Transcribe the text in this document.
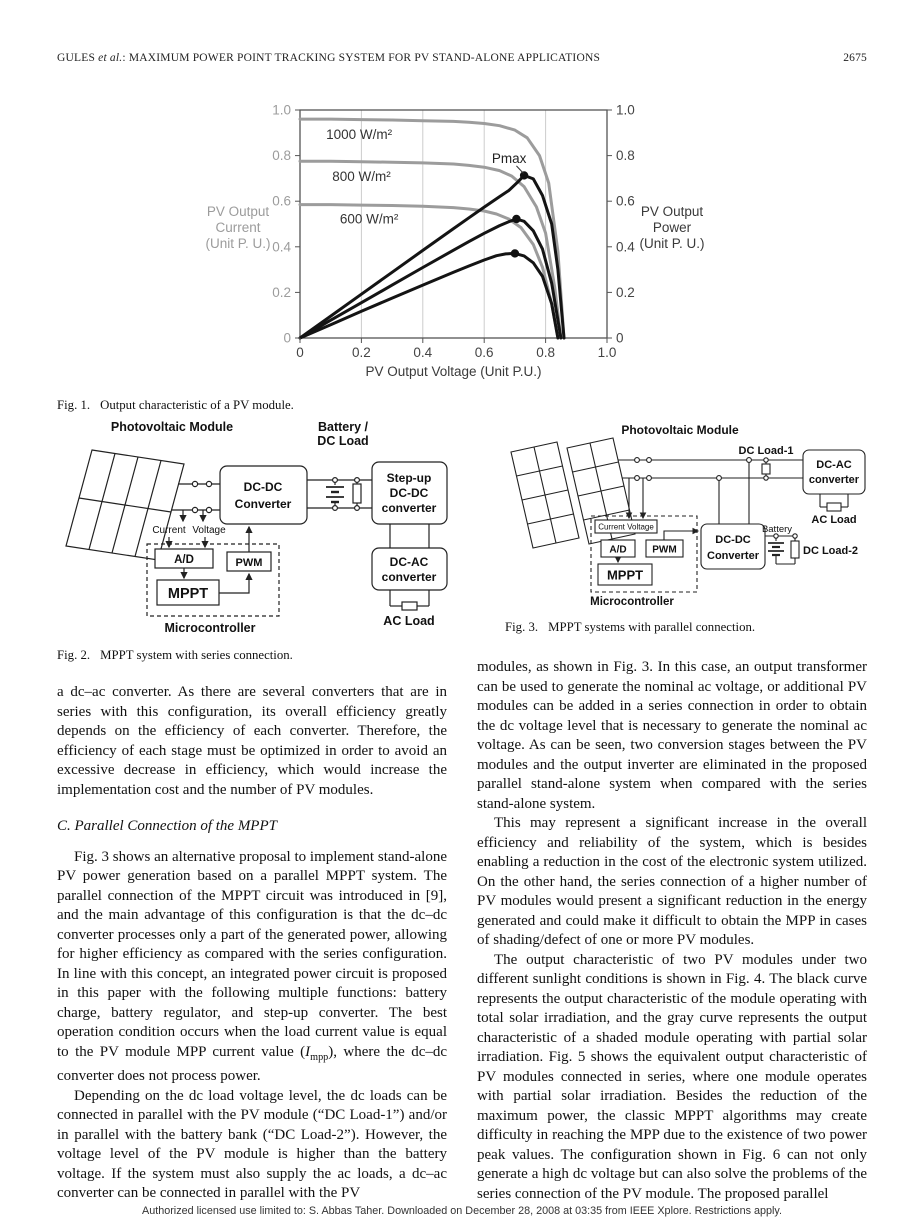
GULES et al.: MAXIMUM POWER POINT TRACKING SYSTEM FOR PV STAND-ALONE APPLICATIONS	2675
Pmax
1000 W/m²
800 W/m²
600 W/m²
0	0.2	0.4	0.6	0.8	1.0
0	0
0.2	0.2
0.4	0.4
0.6	0.6
0.8	0.8
1.0	1.0
PV Output
Current
(Unit P. U.)
PV Output
Power
(Unit P. U.)
PV Output Voltage (Unit P.U.)
Fig. 1. Output characteristic of a PV module.
Photovoltaic Module	Battery /
DC Load
DC-DC
Converter
Step-up
DC-DC
converter
DC-AC
converter
AC Load
Current Voltage
A/D	PWM
MPPT
Microcontroller
Fig. 2. MPPT system with series connection.
Photovoltaic Module
DC Load-1
DC-AC
converter
AC Load
Battery
DC Load-2
DC-DC
Converter
Current Voltage
A/D	PWM
MPPT
Microcontroller
Fig. 3. MPPT systems with parallel connection.

a dc–ac converter. As there are several converters that are in series with this configuration, its overall efficiency greatly depends on the efficiency of each converter. Therefore, the efficiency of each stage must be optimized in order to avoid an excessive decrease in efficiency, which would increase the implementation cost and the number of PV modules.

C. Parallel Connection of the MPPT

Fig. 3 shows an alternative proposal to implement stand-alone PV power generation based on a parallel MPPT system. The parallel connection of the MPPT circuit was introduced in [9], and the main advantage of this configuration is that the dc–dc converter processes only a part of the generated power, allowing for higher efficiency as compared with the series configuration. In line with this concept, an integrated power circuit is proposed in this paper with the following multiple functions: battery charge, battery regulator, and step-up converter. The best operation condition occurs when the load current value is equal to the PV module MPP current value $(I_{mpp})$, where the dc–dc converter does not process power.

Depending on the dc load voltage level, the dc loads can be connected in parallel with the PV module (“DC Load-1”) and/or in parallel with the battery bank (“DC Load-2”). However, the voltage level of the PV module is higher than the battery voltage. If the system must also supply the ac loads, a dc–ac converter can be connected in parallel with the PV

modules, as shown in Fig. 3. In this case, an output transformer can be used to generate the nominal ac voltage, or additional PV modules can be added in a series connection in order to obtain the dc voltage level that is necessary to generate the nominal ac voltage. As can be seen, two conversion stages between the PV modules and the output inverter are eliminated in the proposed parallel stand-alone system when compared with the series stand-alone system.

This may represent a significant increase in the overall efficiency and reliability of the system, which is besides enabling a reduction in the cost of the electronic system utilized. On the other hand, the series connection of a higher number of PV modules would present a significant reduction in the energy generated and could make it difficult to obtain the MPP in cases of shading/defect of one or more PV modules.

The output characteristic of two PV modules under two different sunlight conditions is shown in Fig. 4. The black curve represents the output characteristic of the module operating with total solar irradiation, and the gray curve represents the output characteristic of a shaded module operating with partial solar irradiation. Fig. 5 shows the equivalent output characteristic of PV modules connected in series, where one module operates with partial solar irradiation. Besides the reduction of the maximum power, the classic MPPT algorithms may create difficulty in reaching the MPP due to the existence of two power peak values. The configuration shown in Fig. 6 can not only generate a high dc voltage but can also solve the problems of the series connection of the PV module. The proposed parallel

Authorized licensed use limited to: S. Abbas Taher. Downloaded on December 28, 2008 at 03:35 from IEEE Xplore. Restrictions apply.
